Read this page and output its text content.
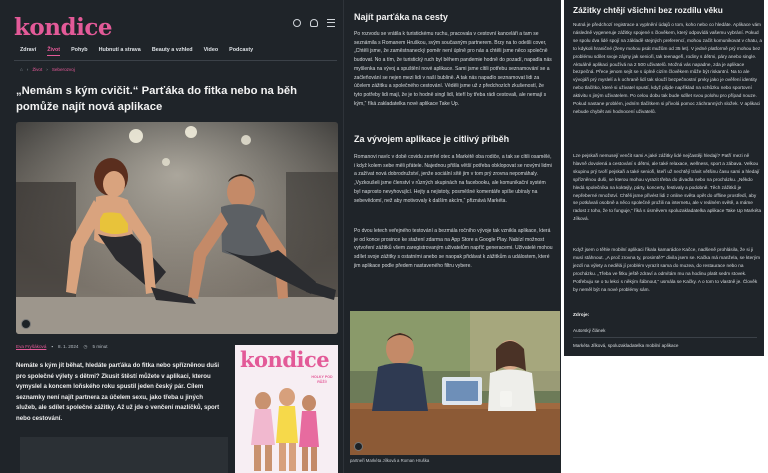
kondice
Zdraví Život Pohyb Hubnutí a strava Beauty a vzhled Video Podcasty
⌂ › Život › Seberozvoj
„Nemám s kým cvičit.“ Parťáka do fitka nebo na běh pomůže najít nová aplikace
Eva Fryšáková ▪ 8. 1. 2024 ◷ 5 minut

Nemáte s kým jít běhat, hledáte parťáka do fitka nebo spřízněnou duši pro společné výlety s dětmi? Zkusit štěstí můžete v aplikaci, kterou vymyslel a koncem loňského roku spustil jeden český pár. Cílem seznamky není najít partnera za účelem sexu, jako třeba u jiných služeb, ale sdílet společné zážitky. Až už jde o venčení mazlíčků, sport nebo cestování.

kondice
HOLKY POD RŮŽÍ!
Najít parťáka na cesty

Po rozvodu se vrátila k turistickému ruchu, pracovala v cestovní kanceláři a tam se seznámila s Romanem Hruškou, svým současným partnerem. Brzy na to odešli cover, „Chtěli jsme, že zaměstnanecký poměr není úplně pro nás a chtěli jsme něco společně budovat. No a tím, že turistický ruch byl během pandemie hodně do pozadí, napadla nás myšlenka na vývoj a spuštění nové aplikace. Sami jsme cítili potřebu seznamování se a začleňování se nejen mezi lidi v naší bublině. A tak nás napadlo seznamovat lidi za účelem zážitku a společného cestování. Věděli jsme už z předchozích zkušeností, že tyto potřeby lidi mají, že je to hodně singl lidí, kteří by třeba rádi cestovali, ale nemají s kým,“ říká zakladatelka nové aplikace Take Up.

Za vývojem aplikace je citlivý příběh

Romanovi navíc v době covidu zemřel otec a Markétě oba rodiče, a tak se cítili osamělé, i když kolem sebe měli přátele. Najednou přišla větší potřeba obklopovat se novými lidmi a zažívat nová dobrodružství, jenže sociální sítě jim v tom prý zrovna nepomáhaly. „Vyzkoušeli jsme členství v různých skupinách na facebooku, ale komunikační systém byl naprosto nevyhovující. Hejty a nejistoty, posměšné komentáře spíše ubíraly na sebevědomí, než aby motivovaly k dalším akcím,“ přiznává Markéta.

Po dvou letech veřejného testování a bezmála ročního vývoje tak vznikla aplikace, která je od konce prosince ke stažení zdarma na App Store a Google Play. Nabízí možnost vytvoření zážitků všem zaregistrovaným uživatelům napříč generacemi. Uživatelé mohou sdílet svoje zážitky s ostatními anebo se naopak přidávat k zážitkům a událostem, které jim aplikace podle předem nastaveného filtru vybere.

partneři Markéta Jílková a Roman Hruška
Zážitky chtějí všichni bez rozdílu věku

Nutná je předchozí registrace a vyplnění údajů o tom, koho nebo co hledáte. Aplikace vám následně vygeneruje zážitky spojené s člověkem, který odpovídá vašemu vybrání. Pokud se spolu dva lidé spojí na základě stejných preferencí, mohou začít komunikovat v chatu, a to kdykoli hraničné (ženy mohou psát mužům od 35 let). V jedné platformě prý mohou bez problému sdílet svoje zájmy jak senioři, tak teenageři, rodiny s dětmi, páry anebo single. Aktuálně aplikaci používá na 2 500 uživatelů. Možná vás napadne, zda je aplikace bezpečná. Přece jenom sejít se s úplně cizím člověkem může být riskantní. Na to ale vývojáři prý myslelí a k ochraně lidí tak slouží bezpečnostní prvky jako je ověření identity nebo tlačítko, které si uživatel spustí, když půjde například na schůzku nebo sportovní aktivitu s jiným uživatelem. Po celou dobu tak bude sdílet svou polohu pro případ nouze. Pokud nastane problém, jedním tlačítkem si přivolá pomoc záchranných složek. V aplikaci nebude chybět ani hodnocení uživatelů.

Lze pejskaři nemusejí venčit sami A jaké zážitky lidé nejčastěji hledají? Patří mezi ně hlavně dovolená a cestování s dětmi, ale také relaxace, wellness, sport a zábava. Velkou skupinu prý tvoří pejskaři a také senioři, kteří už nechtějí trávit většinu času sami a hledají spřízněnou duši, se kterou mohou vyrazit třeba do divadla nebo na procházku. „Někdo hledá společníka na koktejly, párty, koncerty, festivaly a podobně. Těch zážitků je nepřeberné množství. Chtěli jsme přivést lidi z online světa opět do offline prostředí, aby se potkávali osobně a něco společně prožili na internetu, ale v reálném světě, a máme radost z toho, že to funguje,“ říká s úsměvem spoluzakladatelka aplikace Take Up Markéta Jílková.

Když jsem o těhle mobilní aplikaci říkala kamarádce Kačce, nadšeně prohlásila, že si ji musí stáhnout. „A proč zrovna ty, prosimtě?“ divila jsem se. Kačka má manžela, se kterým jezdí na výlety a nedělá jí problém vyrazit sama do muzea, do restaurace nebo na procházku. „Třeba ve fitku ještě zdraví a odmítám mu na hodinu platit sedm stovek. Potřebuju se o tu lekci s někým šábnout,“ usmála se Kačky. A o tom to vlastně je. Člověk by neměl být na nové problémy sám.

Zdroje:
Autorský článek
Markéta Jílková, spoluzakladatelka mobilní aplikace
